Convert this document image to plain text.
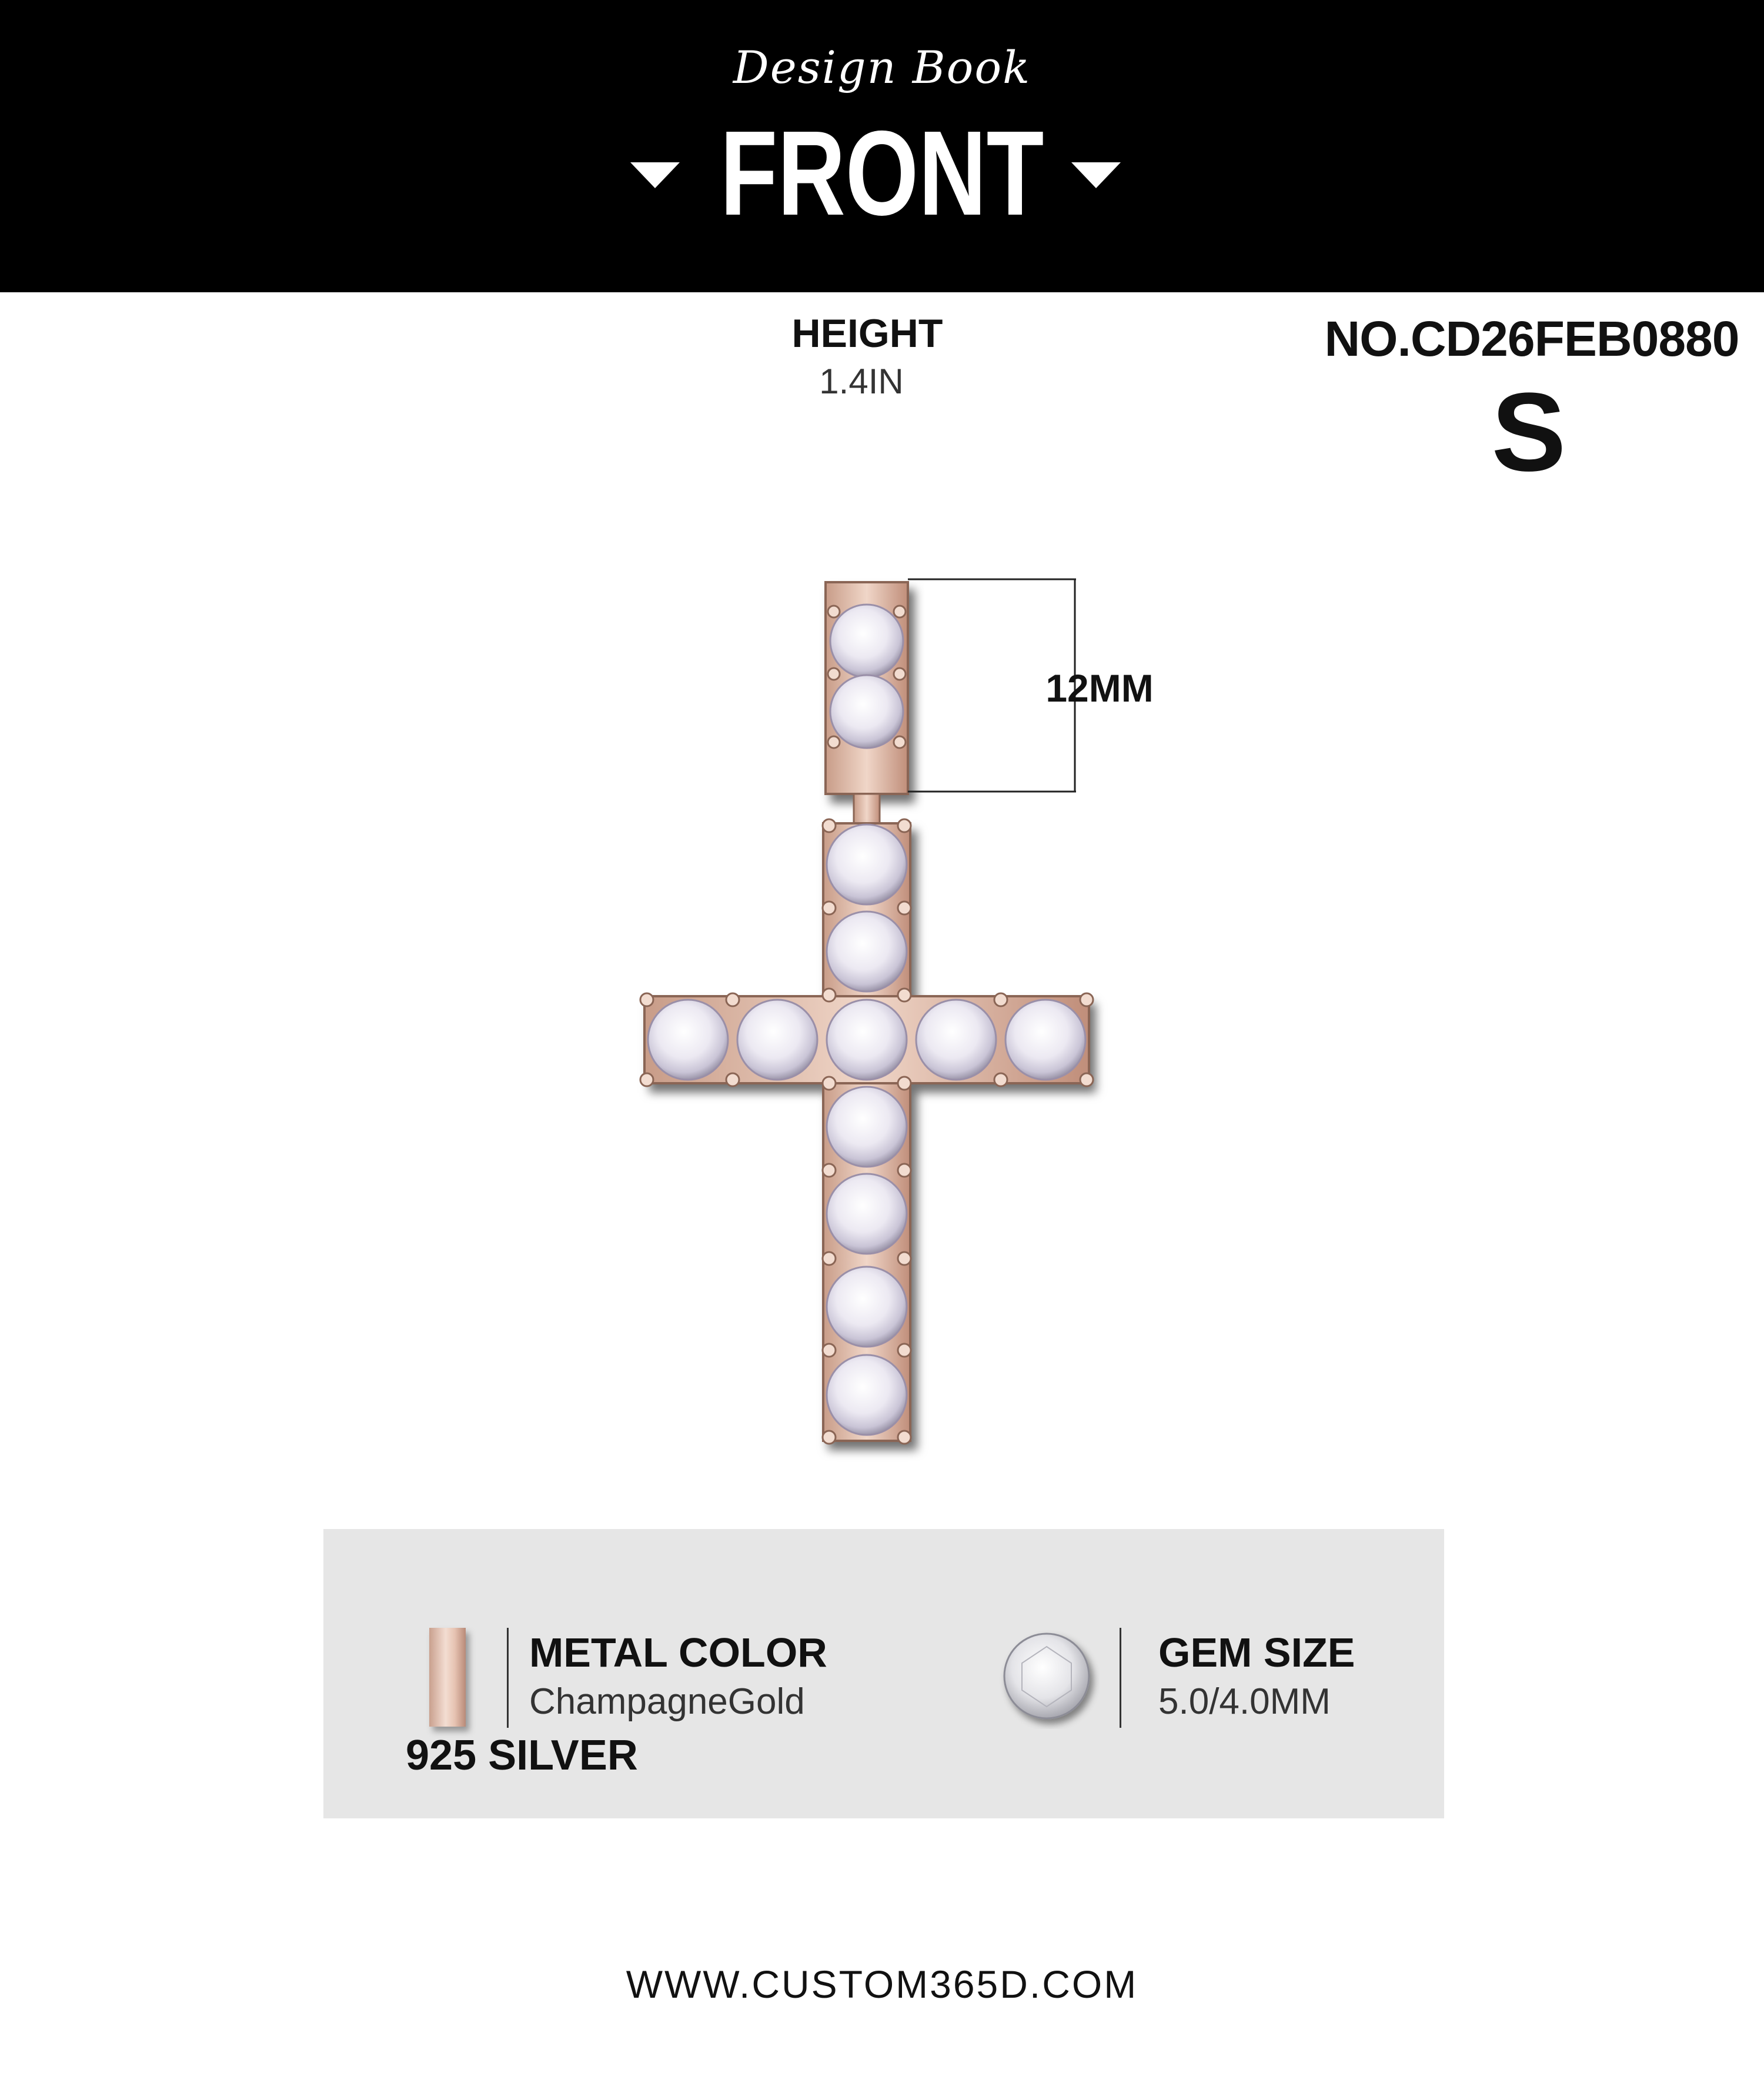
Design Book
FRONT
HEIGHT
1.4IN
NO.CD26FEB0880
S
12MM
METAL COLOR
ChampagneGold
925 SILVER
GEM SIZE
5.0/4.0MM
WWW.CUSTOM365D.COM
